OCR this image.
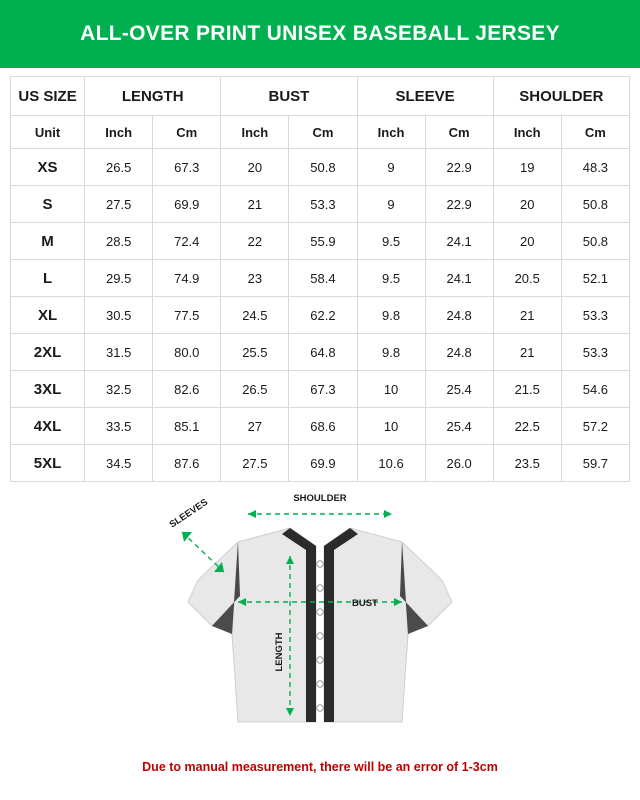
ALL-OVER PRINT UNISEX BASEBALL JERSEY
US SIZE	LENGTH		BUST		SLEEVE		SHOULDER	
Unit	Inch	Cm	Inch	Cm	Inch	Cm	Inch	Cm
XS	26.5	67.3	20	50.8	9	22.9	19	48.3
S	27.5	69.9	21	53.3	9	22.9	20	50.8
M	28.5	72.4	22	55.9	9.5	24.1	20	50.8
L	29.5	74.9	23	58.4	9.5	24.1	20.5	52.1
XL	30.5	77.5	24.5	62.2	9.8	24.8	21	53.3
2XL	31.5	80.0	25.5	64.8	9.8	24.8	21	53.3
3XL	32.5	82.6	26.5	67.3	10	25.4	21.5	54.6
4XL	33.5	85.1	27	68.6	10	25.4	22.5	57.2
5XL	34.5	87.6	27.5	69.9	10.6	26.0	23.5	59.7
SHOULDER
SLEEVES
BUST
LENGTH
Due to manual measurement, there will be an error of 1-3cm
